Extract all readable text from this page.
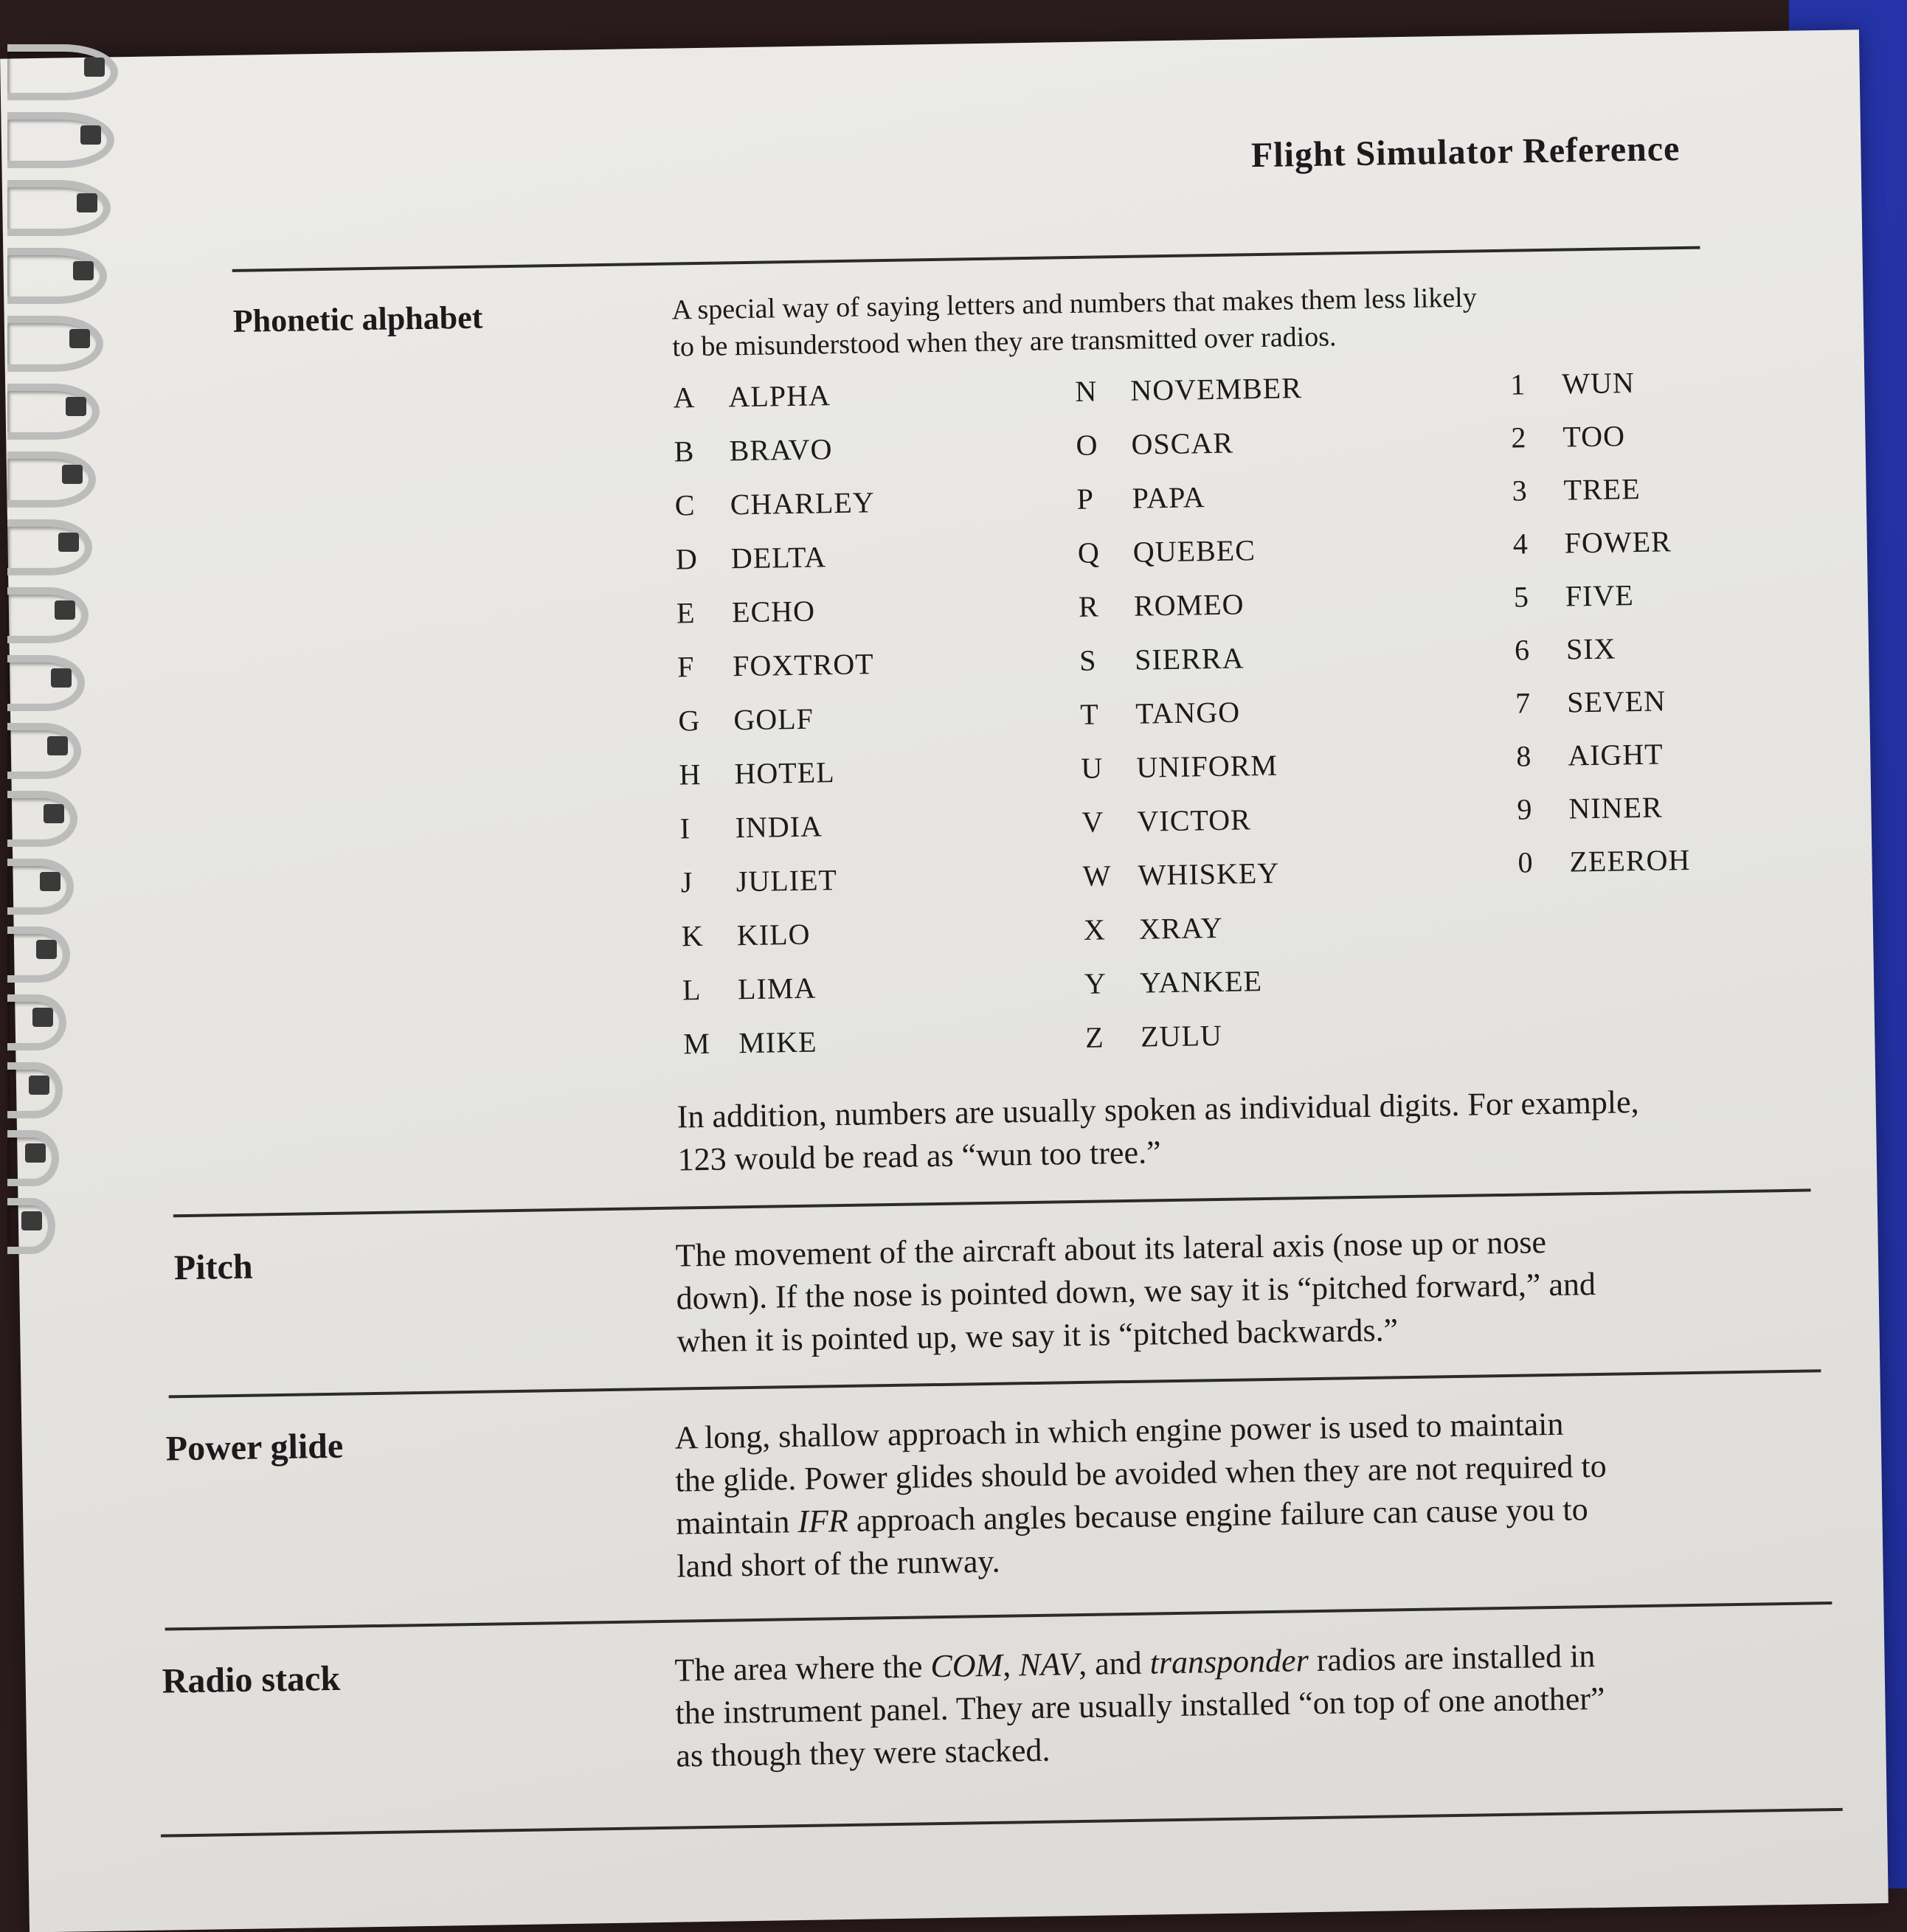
Flight Simulator Reference
Phonetic alphabet	A special way of saying letters and numbers that makes them less likely
to be misunderstood when they are transmitted over radios.
A	ALPHA
B	BRAVO
C	CHARLEY
D	DELTA
E	ECHO
F	FOXTROT
G	GOLF
H	HOTEL
I	INDIA
J	JULIET
K	KILO
L	LIMA
M MIKE
N	NOVEMBER
O	OSCAR
P	PAPA
Q	QUEBEC
R	ROMEO
S	SIERRA
T	TANGO
U	UNIFORM
V	VICTOR
W WHISKEY
X	XRAY
Y	YANKEE
Z	ZULU
1	WUN
2	TOO
3	TREE
4	FOWER
5	FIVE
6	SIX
7	SEVEN
8	AIGHT
9	NINER
0	ZEEROH
In addition, numbers are usually spoken as individual digits. For example,
123 would be read as “wun too tree.”
Pitch	The movement of the aircraft about its lateral axis (nose up or nose
down). If the nose is pointed down, we say it is “pitched forward,” and
when it is pointed up, we say it is “pitched backwards.”
Power glide	A long, shallow approach in which engine power is used to maintain
the glide. Power glides should be avoided when they are not required to
maintain IFR approach angles because engine failure can cause you to
land short of the runway.
Radio stack	The area where the COM, NAV, and transponder radios are installed in
the instrument panel. They are usually installed “on top of one another”
as though they were stacked.
